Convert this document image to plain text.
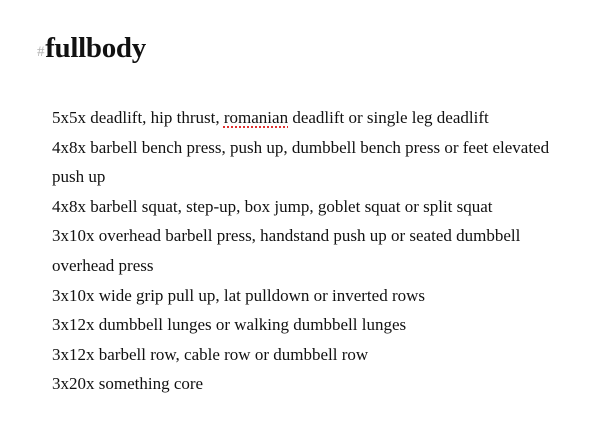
#fullbody
5x5x deadlift, hip thrust, romanian deadlift or single leg deadlift
4x8x barbell bench press, push up, dumbbell bench press or feet elevated
push up
4x8x barbell squat, step-up, box jump, goblet squat or split squat
3x10x overhead barbell press, handstand push up or seated dumbbell
overhead press
3x10x wide grip pull up, lat pulldown or inverted rows
3x12x dumbbell lunges or walking dumbbell lunges
3x12x barbell row, cable row or dumbbell row
3x20x something core
